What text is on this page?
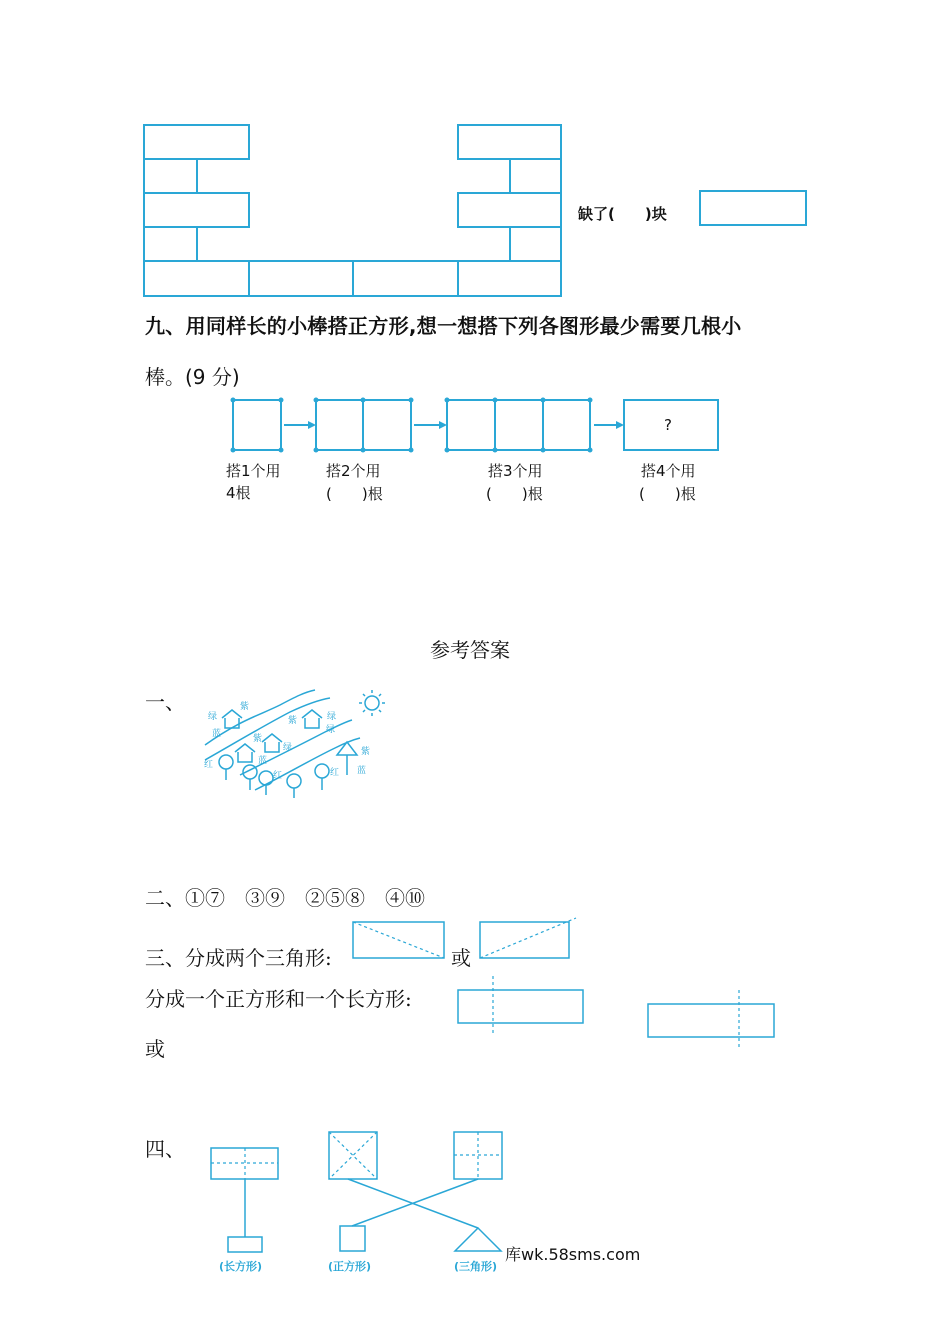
缺了(　　)块
九、用同样长的小棒搭正方形,想一想搭下列各图形最少需要几根小
棒。(9 分)
?
搭1个用
4根
搭2个用
(　　)根
搭3个用
(　　)根
搭4个用
(　　)根
参考答案
一、
绿
紫
紫	绿
绿
紫
蓝
绿
红	蓝
红
紫
蓝
红
二、①⑦　③⑨　②⑤⑧　④⑩
三、分成两个三角形:	或
分成一个正方形和一个长方形:
或
四、
(长方形)	(正方形)	(三角形)
库wk.58sms.com
